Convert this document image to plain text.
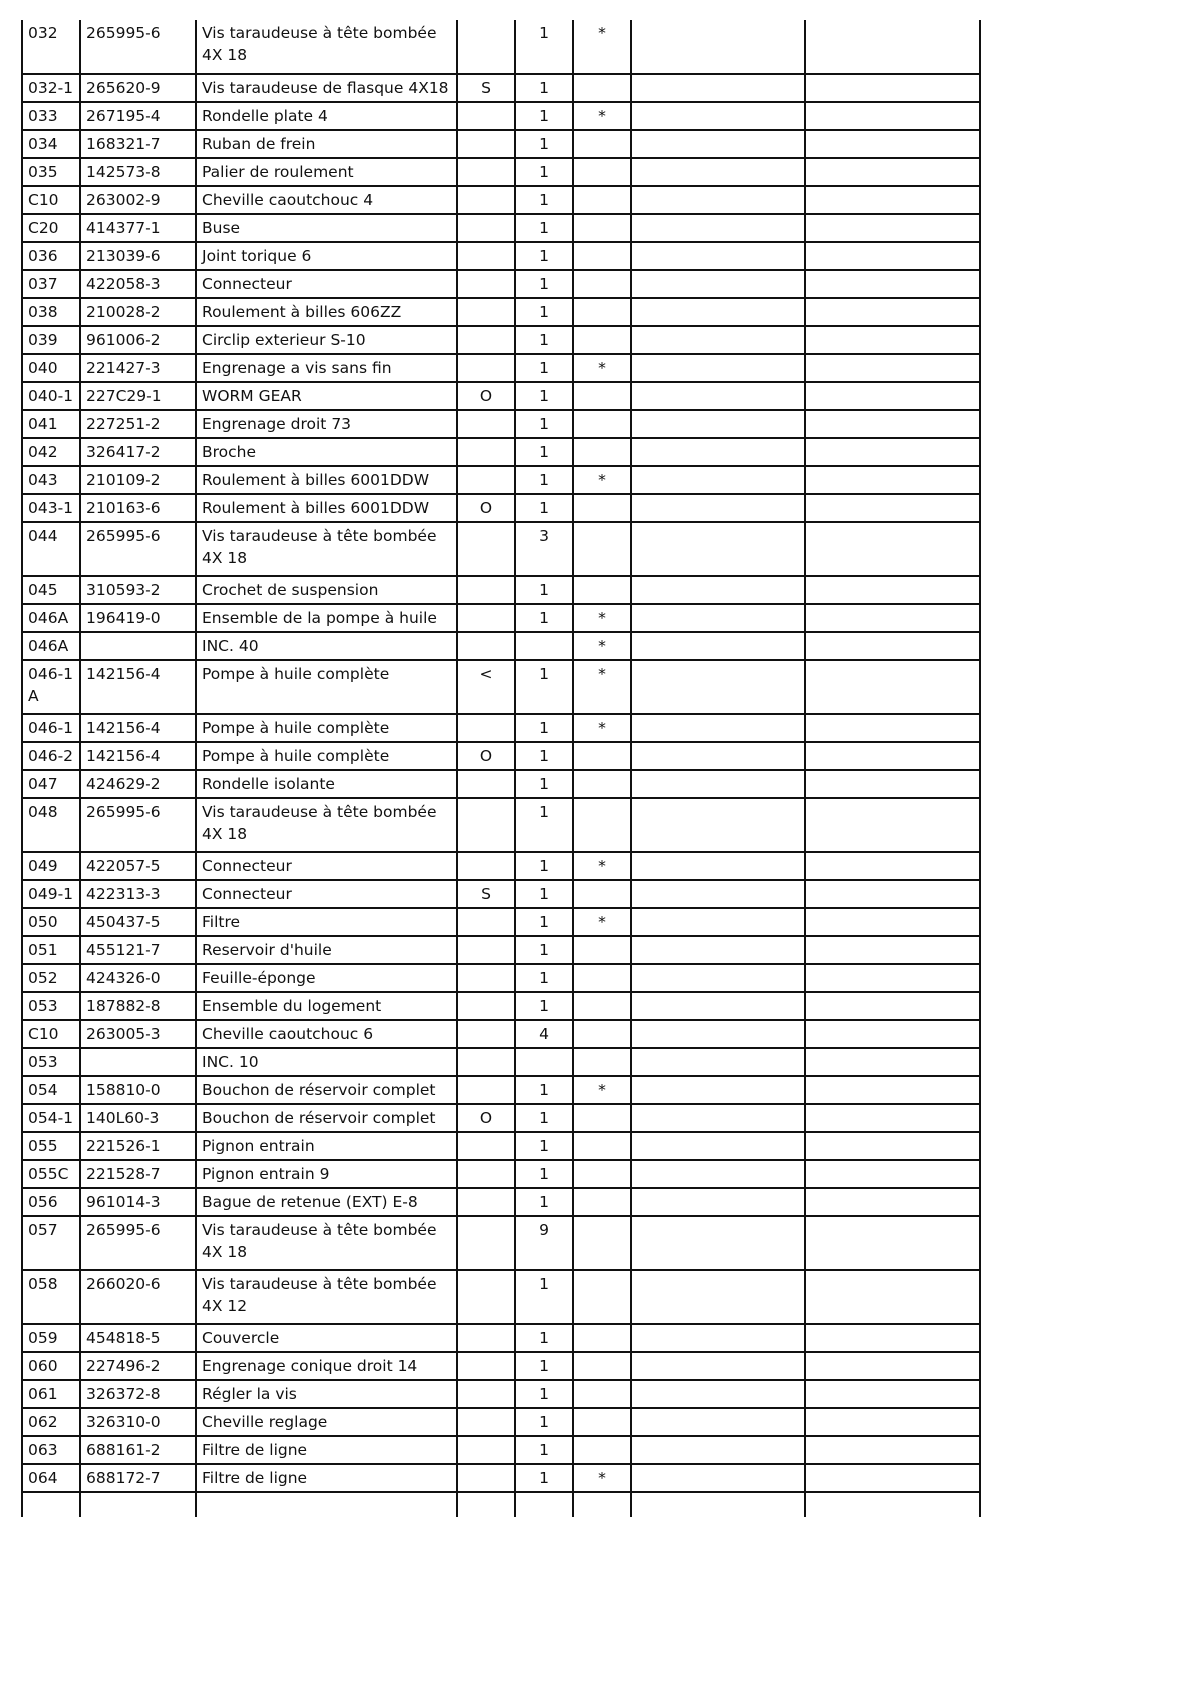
032	265995-6	Vis taraudeuse à tête bombée 4X 18		1	*		
032-1	265620-9	Vis taraudeuse de flasque 4X18	S	1			
033	267195-4	Rondelle plate 4		1	*		
034	168321-7	Ruban de frein		1			
035	142573-8	Palier de roulement		1			
C10	263002-9	Cheville caoutchouc 4		1			
C20	414377-1	Buse		1			
036	213039-6	Joint torique 6		1			
037	422058-3	Connecteur		1			
038	210028-2	Roulement à billes 606ZZ		1			
039	961006-2	Circlip exterieur S-10		1			
040	221427-3	Engrenage a vis sans fin		1	*		
040-1	227C29-1	WORM GEAR	O	1			
041	227251-2	Engrenage droit 73		1			
042	326417-2	Broche		1			
043	210109-2	Roulement à billes 6001DDW		1	*		
043-1	210163-6	Roulement à billes 6001DDW	O	1			
044	265995-6	Vis taraudeuse à tête bombée 4X 18		3			
045	310593-2	Crochet de suspension		1			
046A	196419-0	Ensemble de la pompe à huile		1	*		
046A		INC. 40			*		
046-1 A	142156-4	Pompe à huile complète	<	1	*		
046-1	142156-4	Pompe à huile complète		1	*		
046-2	142156-4	Pompe à huile complète	O	1			
047	424629-2	Rondelle isolante		1			
048	265995-6	Vis taraudeuse à tête bombée 4X 18		1			
049	422057-5	Connecteur		1	*		
049-1	422313-3	Connecteur	S	1			
050	450437-5	Filtre		1	*		
051	455121-7	Reservoir d'huile		1			
052	424326-0	Feuille-éponge		1			
053	187882-8	Ensemble du logement		1			
C10	263005-3	Cheville caoutchouc 6		4			
053		INC. 10					
054	158810-0	Bouchon de réservoir complet		1	*		
054-1	140L60-3	Bouchon de réservoir complet	O	1			
055	221526-1	Pignon entrain		1			
055C	221528-7	Pignon entrain 9		1			
056	961014-3	Bague de retenue (EXT) E-8		1			
057	265995-6	Vis taraudeuse à tête bombée 4X 18		9			
058	266020-6	Vis taraudeuse à tête bombée 4X 12		1			
059	454818-5	Couvercle		1			
060	227496-2	Engrenage conique droit 14		1			
061	326372-8	Régler la vis		1			
062	326310-0	Cheville reglage		1			
063	688161-2	Filtre de ligne		1			
064	688172-7	Filtre de ligne		1	*		
